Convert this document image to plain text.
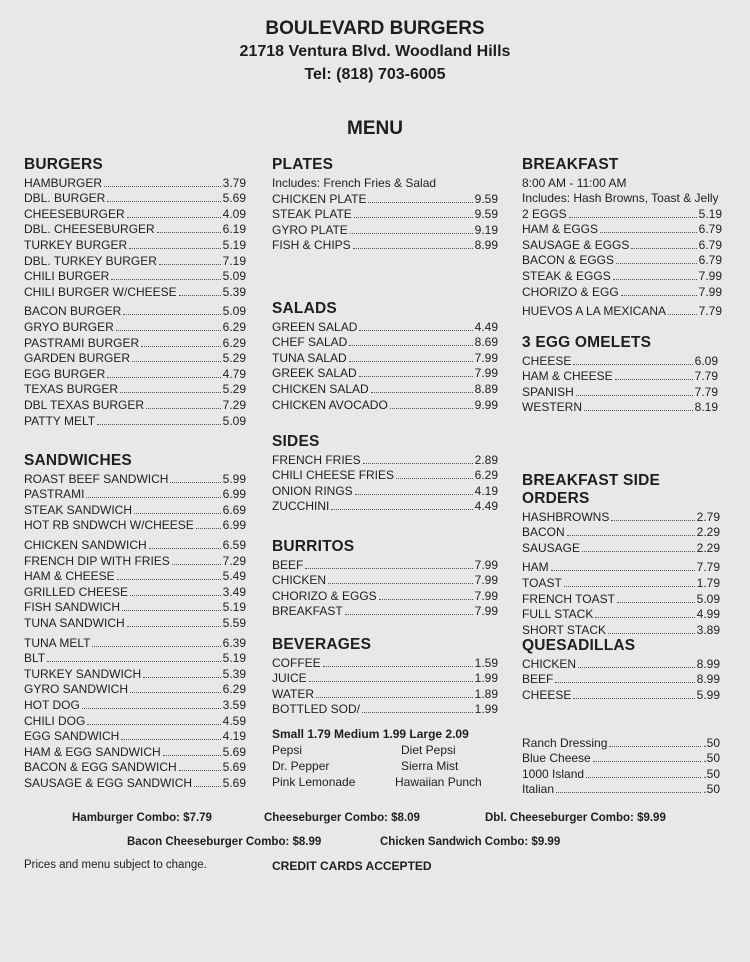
BOULEVARD BURGERS
21718 Ventura Blvd. Woodland Hills
Tel: (818) 703-6005
MENU
BURGERS
HAMBURGER	3.79
DBL. BURGER	5.69
CHEESEBURGER	4.09
DBL. CHEESEBURGER	6.19
TURKEY BURGER	5.19
DBL. TURKEY BURGER	7.19
CHILI BURGER	5.09
CHILI BURGER W/CHEESE	5.39
BACON BURGER	5.09
GRYO BURGER	6.29
PASTRAMI BURGER	6.29
GARDEN BURGER	5.29
EGG BURGER	4.79
TEXAS BURGER	5.29
DBL TEXAS BURGER	7.29
PATTY MELT	5.09
SANDWICHES
ROAST BEEF SANDWICH	5.99
PASTRAMI	6.99
STEAK SANDWICH	6.69
HOT RB SNDWCH W/CHEESE 6.99
CHICKEN SANDWICH	6.59
FRENCH DIP WITH FRIES	7.29
HAM & CHEESE	5.49
GRILLED CHEESE	3.49
FISH SANDWICH	5.19
TUNA SANDWICH	5.59
TUNA MELT	6.39
BLT	5.19
TURKEY SANDWICH	5.39
GYRO SANDWICH	6.29
HOT DOG	3.59
CHILI DOG	4.59
EGG SANDWICH	4.19
HAM & EGG SANDWICH	5.69
BACON & EGG SANDWICH	5.69
SAUSAGE & EGG SANDWICH	5.69
PLATES
Includes: French Fries & Salad
CHICKEN PLATE	9.59
STEAK PLATE	9.59
GYRO PLATE	9.19
FISH & CHIPS	8.99
SALADS
GREEN SALAD	4.49
CHEF SALAD	8.69
TUNA SALAD	7.99
GREEK SALAD	7.99
CHICKEN SALAD	8.89
CHICKEN AVOCADO	9.99
SIDES
FRENCH FRIES	2.89
CHILI CHEESE FRIES	6.29
ONION RINGS	4.19
ZUCCHINI	4.49
BURRITOS
BEEF	7.99
CHICKEN	7.99
CHORIZO & EGGS	7.99
BREAKFAST	7.99
BEVERAGES
COFFEE	1.59
JUICE	1.99
WATER	1.89
BOTTLED SOD/	1.99
Small 1.79 Medium 1.99 Large 2.09
Pepsi	Diet Pepsi
Dr. Pepper	Sierra Mist
Pink Lemonade	Hawaiian Punch
BREAKFAST
8:00 AM - 11:00 AM
Includes: Hash Browns, Toast & Jelly
2 EGGS	5.19
HAM & EGGS	6.79
SAUSAGE & EGGS	6.79
BACON & EGGS	6.79
STEAK & EGGS	7.99
CHORIZO & EGG	7.99
HUEVOS A LA MEXICANA	7.79
3 EGG OMELETS
CHEESE	6.09
HAM & CHEESE	7.79
SPANISH	7.79
WESTERN	8.19
BREAKFAST SIDE ORDERS
HASHBROWNS	2.79
BACON	2.29
SAUSAGE	2.29
HAM	7.79
TOAST	1.79
FRENCH TOAST	5.09
FULL STACK	4.99
SHORT STACK	3.89
QUESADILLAS
CHICKEN	8.99
BEEF	8.99
CHEESE	5.99
Ranch Dressing	.50
Blue Cheese	.50
1000 Island	.50
Italian	.50
Hamburger Combo: $7.79	Cheeseburger Combo: $8.09	Dbl. Cheeseburger Combo: $9.99
Bacon Cheeseburger Combo: $8.99	Chicken Sandwich Combo: $9.99
Prices and menu subject to change.	CREDIT CARDS ACCEPTED
